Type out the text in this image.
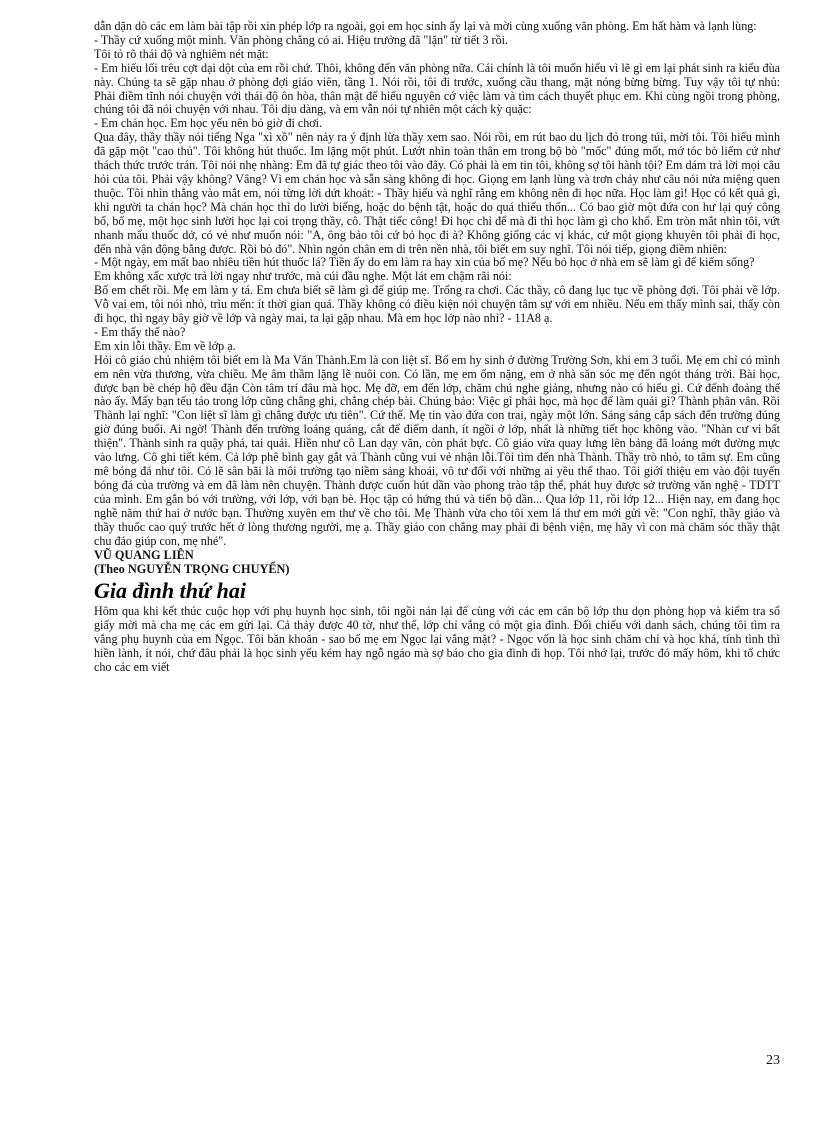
dẫn dặn dò các em làm bài tập rồi xin phép lớp ra ngoài, gọi em học sinh ấy lại và mời cùng xuống văn phòng. Em hất hàm và lạnh lùng:

- Thầy cứ xuống một mình. Văn phòng chẳng có ai. Hiệu trưởng đã "lặn" từ tiết 3 rồi.

Tôi tỏ rõ thái độ và nghiêm nét mặt:

- Em hiểu lối trêu cợt dại dột của em rồi chứ. Thôi, không đến văn phòng nữa. Cái chính là tôi muốn hiểu vì lẽ gì em lại phát sinh ra kiểu đùa này. Chúng ta sẽ gặp nhau ở phòng đợi giáo viên, tầng 1. Nói rồi, tôi đi trước, xuống cầu thang, mặt nóng bừng bừng. Tuy vậy tôi tự nhủ: Phải điềm tĩnh nói chuyện với thái độ ôn hòa, thân mật để hiểu nguyên cớ việc làm và tìm cách thuyết phục em. Khi cùng ngồi trong phòng, chúng tôi đã nói chuyện với nhau. Tôi dịu dàng, và em vẫn nói tự nhiên một cách kỳ quặc:

- Em chán học. Em học yếu nên bỏ giờ đi chơi.

Qua đây, thầy thầy nói tiếng Nga "xì xồ" nên nảy ra ý định lừa thầy xem sao. Nói rồi, em rút bao du lịch đỏ trong túi, mời tôi. Tôi hiểu mình đã gặp một "cao thủ". Tôi không hút thuốc. Im lặng một phút. Lướt nhìn toàn thân em trong bộ bò "mốc" đúng mốt, mớ tóc bò liếm cứ như thách thức trước trán. Tôi nói nhẹ nhàng: Em đã tự giác theo tôi vào đây. Có phải là em tin tôi, không sợ tôi hành tội? Em dám trả lời mọi câu hỏi của tôi. Phải vậy không? Vâng? Vì em chán học và sẵn sàng không đi học. Giọng em lạnh lùng và trơn chảy như câu nói nửa miệng quen thuộc. Tôi nhìn thẳng vào mắt em, nói từng lời dứt khoát: - Thầy hiểu và nghĩ rằng em không nên đi học nữa. Học làm gì! Học có kết quả gì, khi người ta chán học? Mà chán học thì do lười biếng, hoặc do bệnh tật, hoặc do quá thiếu thốn... Có bao giờ một đứa con hư lại quý công bố, bố mẹ, một học sinh lười học lại coi trọng thầy, cô. Thật tiếc công! Đi học chỉ để mà đi thì học làm gì cho khổ. Em tròn mắt nhìn tôi, vứt nhanh mẩu thuốc dở, có vẻ như muốn nói: "A, ông bảo tôi cứ bỏ học đi à? Không giống các vị khác, cứ một giọng khuyên tôi phải đi học, đến nhà vận động bằng được. Rồi bỏ đó". Nhìn ngón chân em di trên nền nhà, tôi biết em suy nghĩ. Tôi nói tiếp, giọng điềm nhiên:

- Một ngày, em mất bao nhiêu tiền hút thuốc lá? Tiền ấy do em làm ra hay xin của bố mẹ? Nếu bỏ học ở nhà em sẽ làm gì để kiếm sống?

Em không xấc xược trả lời ngay như trước, mà cúi đầu nghe. Một lát em chậm rãi nói:

Bố em chết rồi. Mẹ em làm y tá. Em chưa biết sẽ làm gì để giúp mẹ. Trống ra chơi. Các thầy, cô đang lục tục về phòng đợi. Tôi phải về lớp. Vỗ vai em, tôi nói nhỏ, trìu mến: ít thời gian quá. Thầy không có điều kiện nói chuyện tâm sự với em nhiều. Nếu em thấy mình sai, thấy còn đi học, thì ngay bây giờ về lớp và ngày mai, ta lại gặp nhau. Mà em học lớp nào nhỉ? - 11A8 ạ.

- Em thấy thế nào?

Em xin lỗi thầy. Em về lớp ạ.

Hỏi cô giáo chủ nhiệm tôi biết em là Ma Văn Thành.Em là con liệt sĩ. Bố em hy sinh ở đường Trường Sơn, khi em 3 tuổi. Mẹ em chỉ có mình em nên vừa thương, vừa chiều. Mẹ âm thầm lặng lẽ nuôi con. Có lần, mẹ em ốm nặng, em ở nhà săn sóc mẹ đến ngót tháng trời. Bài học, được bạn bè chép hộ đều đặn Còn tâm trí đâu mà học. Mẹ đỡ, em đến lớp, chăm chú nghe giảng, nhưng nào có hiểu gì. Cứ đểnh đoảng thế nào ấy. Mấy bạn tếu táo trong lớp cũng chẳng ghi, chẳng chép bài. Chúng bảo: Việc gì phải học, mà học để làm quái gì? Thành phân vân. Rồi Thành lại nghĩ: "Con liệt sĩ làm gì chẳng được ưu tiên". Cứ thế. Mẹ tin vào đứa con trai, ngày một lớn. Sáng sáng cắp sách đến trường đúng giờ đúng buổi. Ai ngờ! Thành đến trường loáng quáng, cắt để điểm danh, ít ngồi ở lớp, nhất là những tiết học không vào. "Nhàn cư vi bất thiện". Thành sinh ra quậy phá, tai quái. Hiền như cô Lan dạy văn, còn phát bực. Cô giáo vừa quay lưng lên bảng đã loáng mớt đường mực vào lưng. Cô ghi tiết kém. Cả lớp phê bình gay gắt và Thành cũng vui vẻ nhận lỗi.Tôi tìm đến nhà Thành. Thầy trò nhỏ, to tâm sự. Em cũng mê bóng đá như tôi. Có lẽ sân bãi là môi trường tạo niềm sảng khoái, vô tư đối với những ai yêu thể thao. Tôi giới thiệu em vào đội tuyển bóng đá của trường và em đã làm nên chuyện. Thành được cuốn hút dần vào phong trào tập thể, phát huy được sở trường văn nghệ - TDTT của mình. Em gắn bó với trường, với lớp, với bạn bè. Học tập có hứng thú và tiến bộ dần... Qua lớp 11, rồi lớp 12... Hiện nay, em đang học nghề năm thứ hai ở nước bạn. Thường xuyên em thư về cho tôi. Mẹ Thành vừa cho tôi xem lá thư em mới gửi về: "Con nghĩ, thầy giáo và thầy thuốc cao quý trước hết ở lòng thương người, mẹ ạ. Thầy giáo con chẳng may phải đi bệnh viện, mẹ hãy vì con mà chăm sóc thầy thật chu đáo giúp con, mẹ nhé".

VŨ QUANG LIÊN

(Theo NGUYỄN TRỌNG CHUYỂN)

Gia đình thứ hai

Hôm qua khi kết thúc cuộc họp với phụ huynh học sinh, tôi ngồi nán lại để cùng với các em cán bộ lớp thu dọn phòng họp và kiểm tra số giấy mời mà cha mẹ các em gửi lại. Cả thảy được 40 tờ, như thế, lớp chỉ vắng có một gia đình. Đối chiếu với danh sách, chúng tôi tìm ra vắng phụ huynh của em Ngọc. Tôi băn khoăn - sao bố mẹ em Ngọc lại vắng mặt? - Ngọc vốn là học sinh chăm chỉ và học khá, tính tình thì hiền lành, ít nói, chứ đâu phải là học sinh yếu kém hay ngỗ ngáo mà sợ báo cho gia đình đi họp. Tôi nhớ lại, trước đó mấy hôm, khi tổ chức cho các em viết

23
